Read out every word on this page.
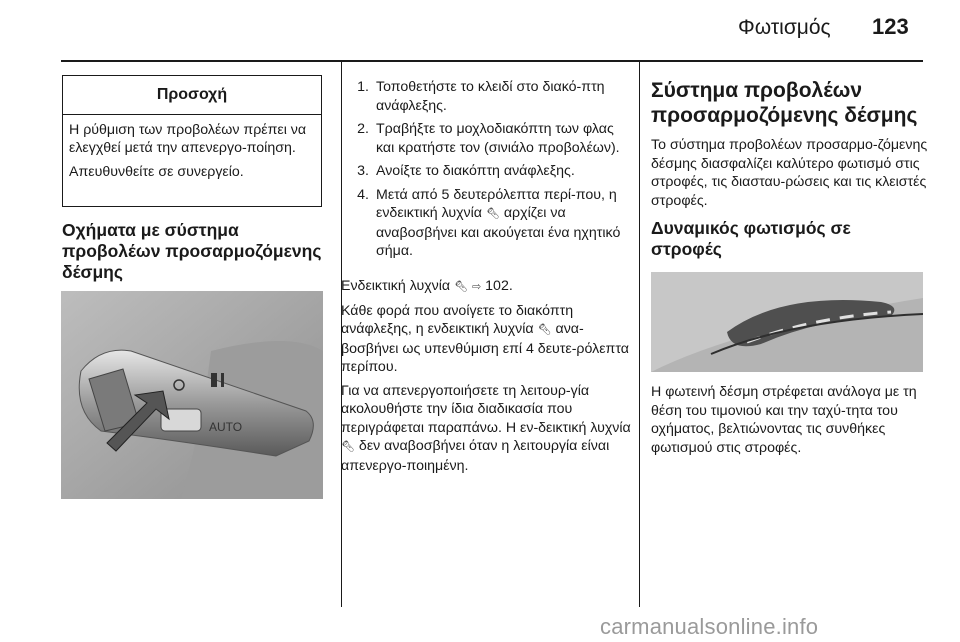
Φωτισμός 123
Προσοχή

Η ρύθμιση των προβολέων πρέπει να ελεγχθεί μετά την απενεργο-ποίηση.

Απευθυνθείτε σε συνεργείο.

Οχήματα με σύστημα προβολέων προσαρμοζόμενης δέσμης
AUTO
1. Τοποθετήστε το κλειδί στο διακό-πτη ανάφλεξης.
2. Τραβήξτε το μοχλοδιακόπτη των φλας και κρατήστε τον (σινιάλο προβολέων).
3. Ανοίξτε το διακόπτη ανάφλεξης.
4. Μετά από 5 δευτερόλεπτα περί-που, η ενδεικτική λυχνία 🔦︎ αρχίζει να αναβοσβήνει και ακούγεται ένα ηχητικό σήμα.

Ενδεικτική λυχνία 🔦︎ ⇨ 102.

Κάθε φορά που ανοίγετε το διακόπτη ανάφλεξης, η ενδεικτική λυχνία 🔦︎ ανα-βοσβήνει ως υπενθύμιση επί 4 δευτε-ρόλεπτα περίπου.

Για να απενεργοποιήσετε τη λειτουρ-γία ακολουθήστε την ίδια διαδικασία που περιγράφεται παραπάνω. Η εν-δεικτική λυχνία 🔦︎ δεν αναβοσβήνει όταν η λειτουργία είναι απενεργο-ποιημένη.

Σύστημα προβολέων προσαρμοζόμενης δέσμης
Το σύστημα προβολέων προσαρμο-ζόμενης δέσμης διασφαλίζει καλύτερο φωτισμό στις στροφές, τις διασταυ-ρώσεις και τις κλειστές στροφές.
Δυναμικός φωτισμός σε στροφές
Η φωτεινή δέσμη στρέφεται ανάλογα με τη θέση του τιμονιού και την ταχύ-τητα του οχήματος, βελτιώνοντας τις συνθήκες φωτισμού στις στροφές.
carmanualsonline.info
